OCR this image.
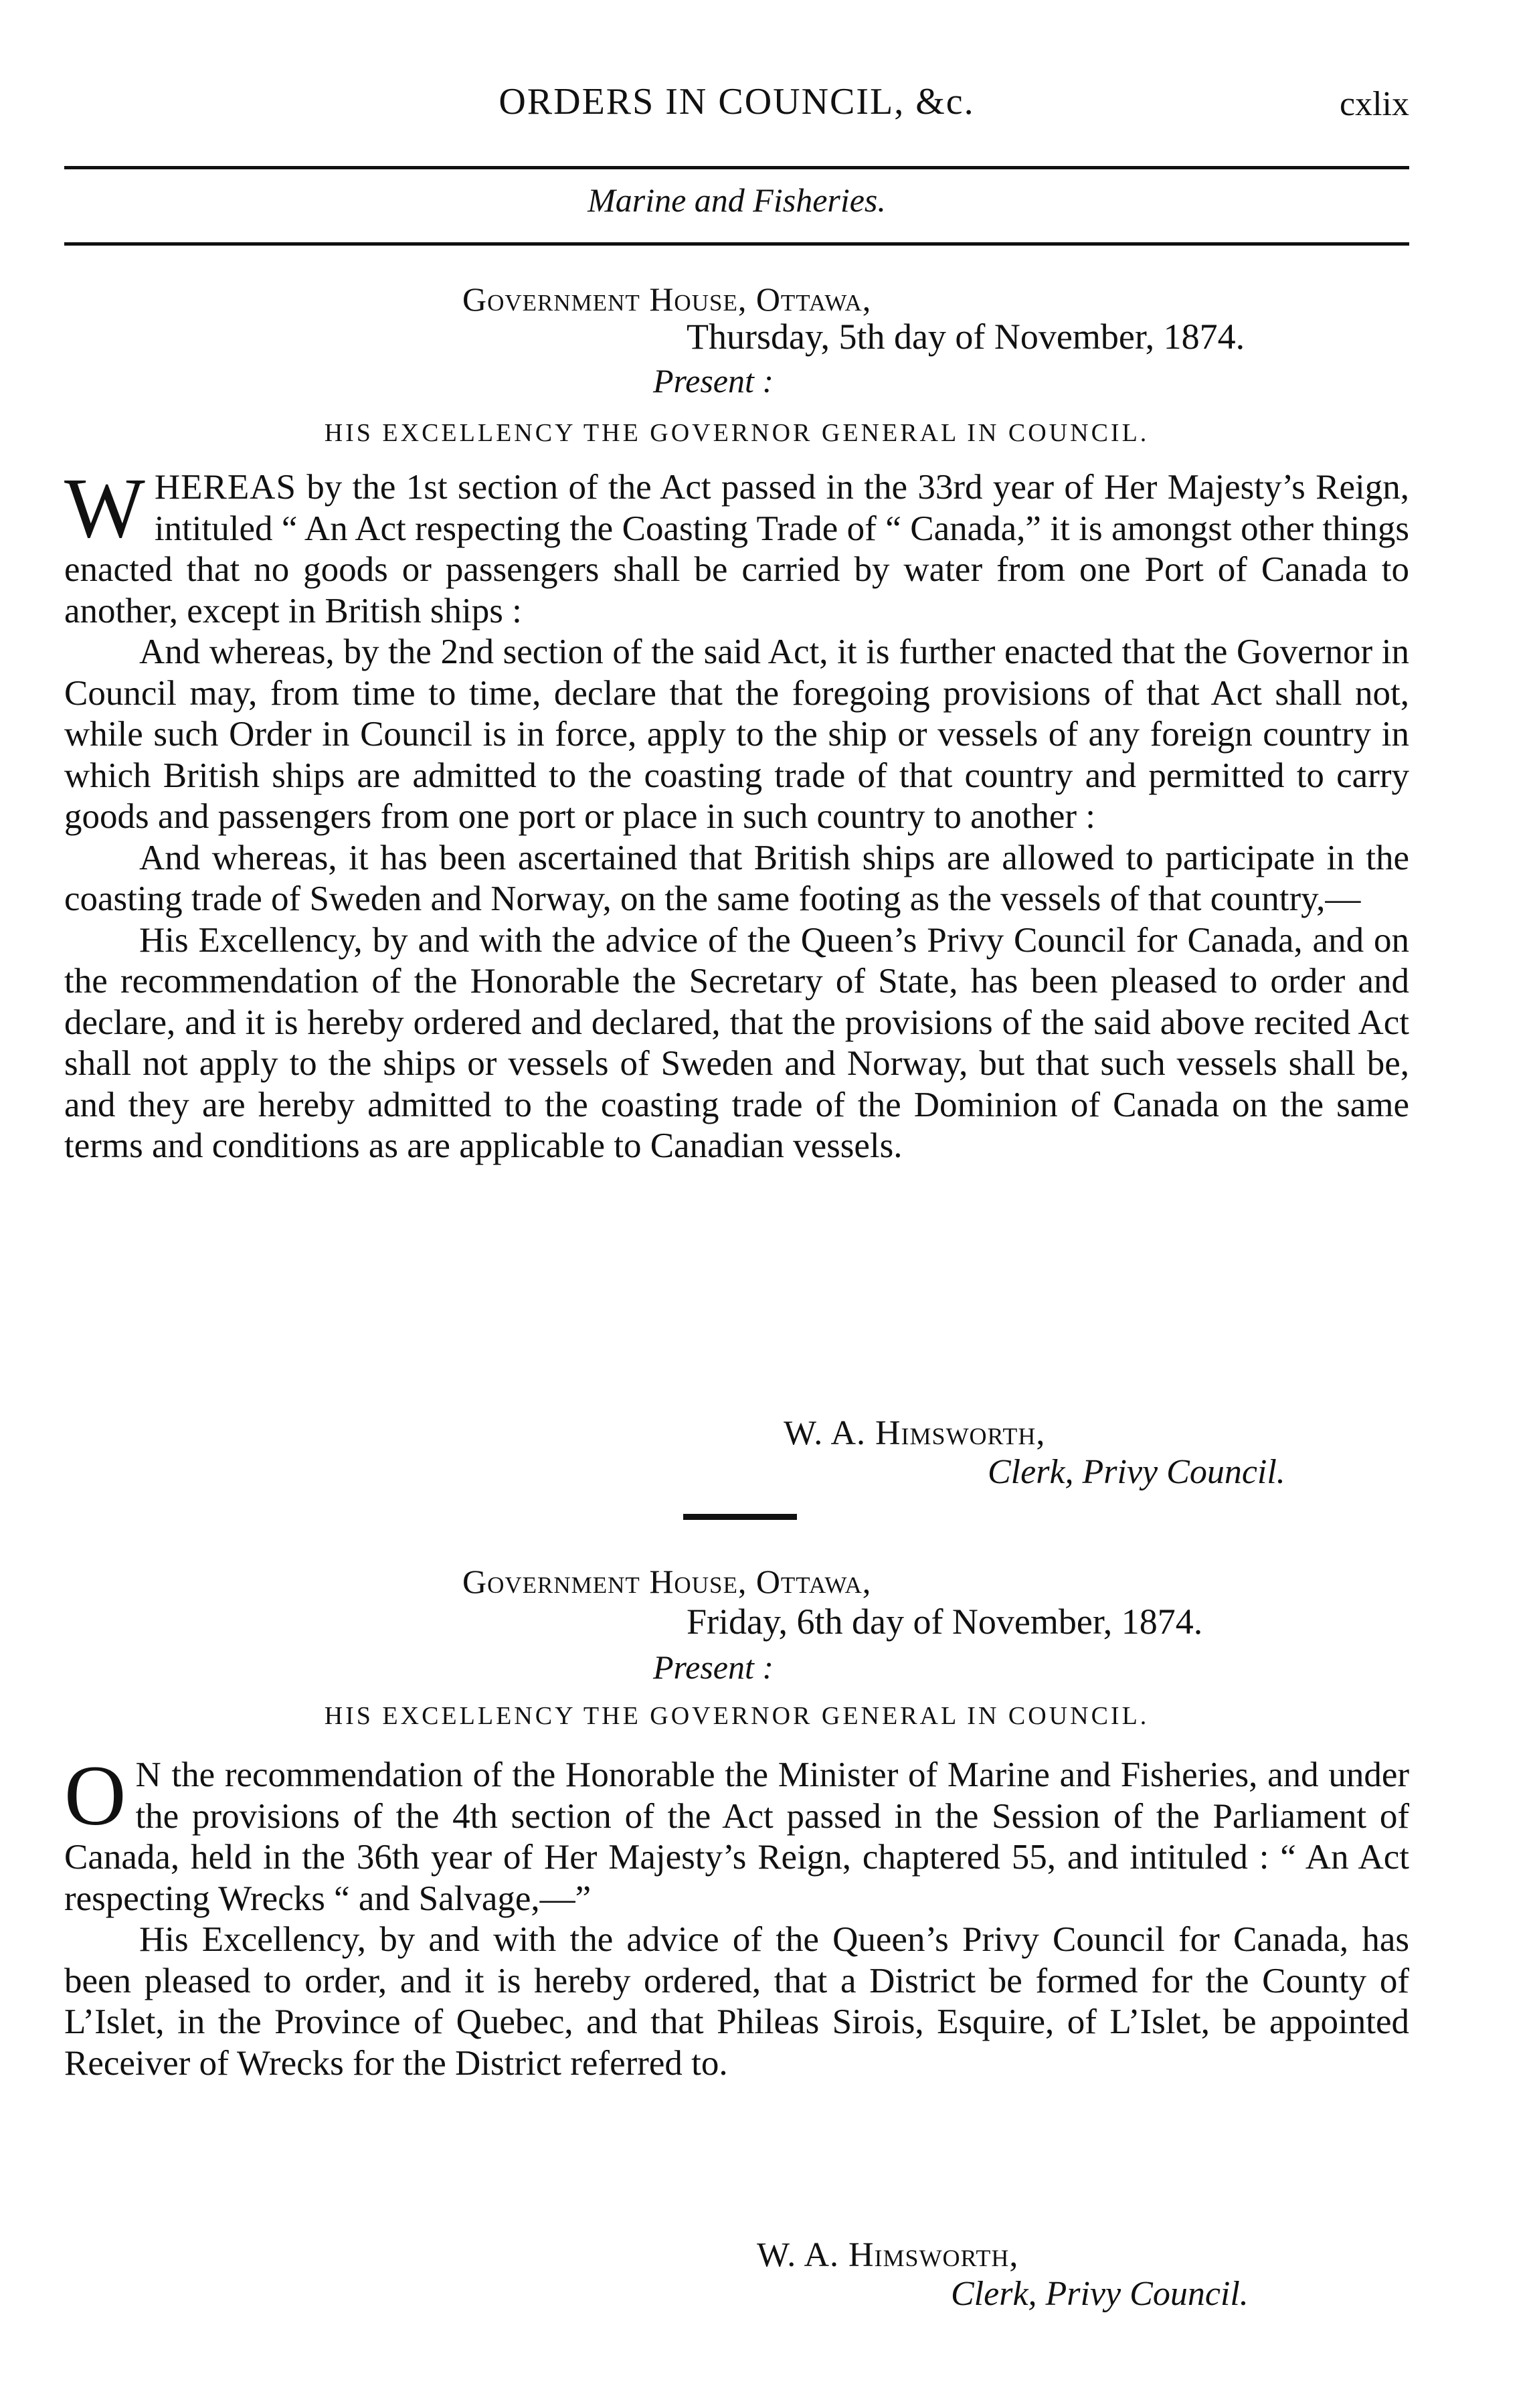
ORDERS IN COUNCIL, &c.	cxlix
Marine and Fisheries.
Government House, Ottawa,
Thursday, 5th day of November, 1874.
Present :
HIS EXCELLENCY THE GOVERNOR GENERAL IN COUNCIL.

WHEREAS by the 1st section of the Act passed in the 33rd year of Her Majesty’s Reign, intituled “ An Act respecting the Coasting Trade of “ Canada,” it is amongst other things enacted that no goods or passengers shall be carried by water from one Port of Canada to another, except in British ships :

And whereas, by the 2nd section of the said Act, it is further enacted that the Governor in Council may, from time to time, declare that the foregoing provisions of that Act shall not, while such Order in Council is in force, apply to the ship or vessels of any foreign country in which British ships are admitted to the coasting trade of that country and permitted to carry goods and passengers from one port or place in such country to another :

And whereas, it has been ascertained that British ships are allowed to participate in the coasting trade of Sweden and Norway, on the same footing as the vessels of that country,—

His Excellency, by and with the advice of the Queen’s Privy Council for Canada, and on the recommendation of the Honorable the Secretary of State, has been pleased to order and declare, and it is hereby ordered and declared, that the provisions of the said above recited Act shall not apply to the ships or vessels of Sweden and Norway, but that such vessels shall be, and they are hereby admitted to the coasting trade of the Dominion of Canada on the same terms and conditions as are applicable to Canadian vessels.

W. A. Himsworth,
Clerk, Privy Council.
Government House, Ottawa,
Friday, 6th day of November, 1874.
Present :
HIS EXCELLENCY THE GOVERNOR GENERAL IN COUNCIL.

O N the recommendation of the Honorable the Minister of Marine and Fisheries, and under the provisions of the 4th section of the Act passed in the Session of the Parliament of Canada, held in the 36th year of Her Majesty’s Reign, chaptered 55, and intituled : “ An Act respecting Wrecks “ and Salvage,—”

His Excellency, by and with the advice of the Queen’s Privy Council for Canada, has been pleased to order, and it is hereby ordered, that a District be formed for the County of L’Islet, in the Province of Quebec, and that Phileas Sirois, Esquire, of L’Islet, be appointed Receiver of Wrecks for the District referred to.

W. A. Himsworth,
Clerk, Privy Council.
